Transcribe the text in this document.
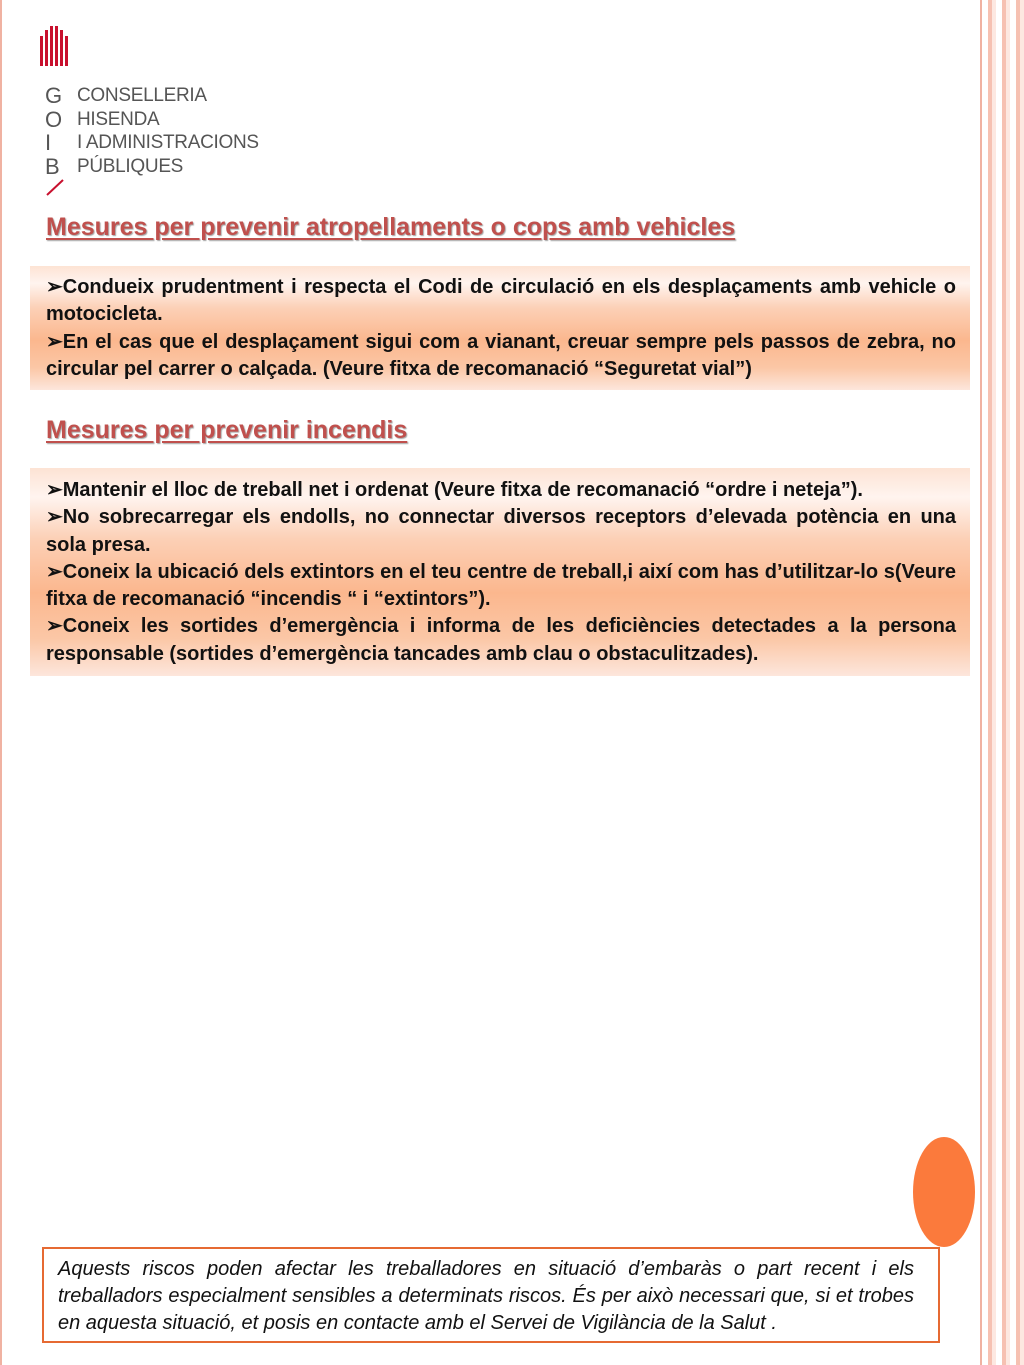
G
O
I
B
CONSELLERIA
HISENDA
I ADMINISTRACIONS
PÚBLIQUES
Mesures per prevenir atropellaments o cops amb vehicles

➢Condueix prudentment i respecta el Codi de circulació en els desplaçaments amb vehicle o motocicleta.

➢En el cas que el desplaçament sigui com a vianant, creuar sempre pels passos de zebra, no circular pel carrer o calçada. (Veure fitxa de recomanació “Seguretat vial”)

Mesures per prevenir incendis

➢Mantenir el lloc de treball net i ordenat (Veure fitxa de recomanació “ordre i neteja”).

➢No sobrecarregar els endolls, no connectar diversos receptors d’elevada potència en una sola presa.

➢Coneix la ubicació dels extintors en el teu centre de treball,i així com has d’utilitzar-lo s(Veure fitxa de recomanació “incendis “ i “extintors”).

➢Coneix les sortides d’emergència i informa de les deficiències detectades a la persona responsable (sortides d’emergència tancades amb clau o obstaculitzades).

Aquests riscos poden afectar les treballadores en situació d’embaràs o part recent i els treballadors especialment sensibles a determinats riscos. És per això necessari que, si et trobes en aquesta situació, et posis en contacte amb el Servei de Vigilància de la Salut .
